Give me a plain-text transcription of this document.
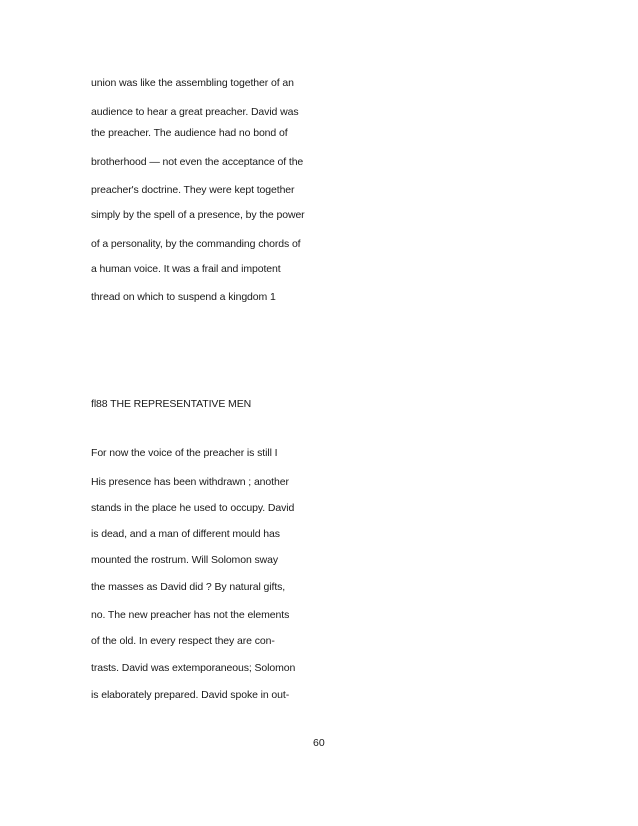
union was like the assembling together of an
audience to hear a great preacher. David was
the preacher. The audience had no bond of
brotherhood — not even the acceptance of the
preacher's doctrine. They were kept together
simply by the spell of a presence, by the power
of a personality, by the commanding chords of
a human voice. It was a frail and impotent
thread on which to suspend a kingdom 1
fl88 THE REPRESENTATIVE MEN
For now the voice of the preacher is still I
His presence has been withdrawn ; another
stands in the place he used to occupy. David
is dead, and a man of different mould has
mounted the rostrum. Will Solomon sway
the masses as David did ? By natural gifts,
no. The new preacher has not the elements
of the old. In every respect they are con-
trasts. David was extemporaneous; Solomon
is elaborately prepared. David spoke in out-
60
